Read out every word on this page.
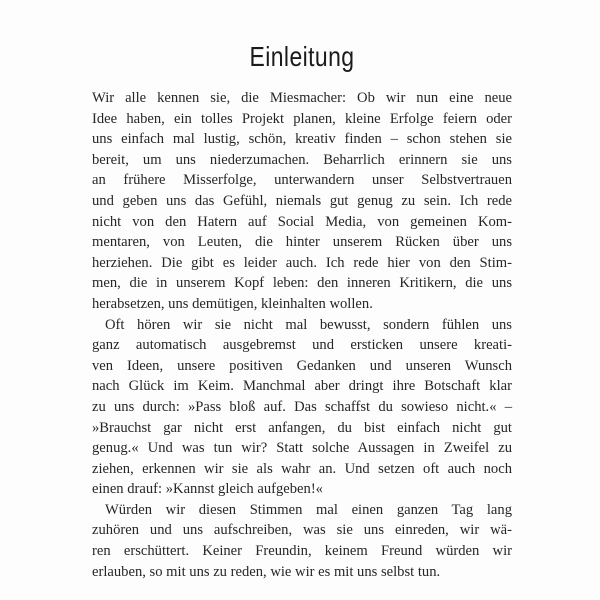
Einleitung
Wir alle kennen sie, die Miesmacher: Ob wir nun eine neue
Idee haben, ein tolles Projekt planen, kleine Erfolge feiern oder
uns einfach mal lustig, schön, kreativ finden – schon stehen sie
bereit, um uns niederzumachen. Beharrlich erinnern sie uns
an frühere Misserfolge, unterwandern unser Selbstvertrauen
und geben uns das Gefühl, niemals gut genug zu sein. Ich rede
nicht von den Hatern auf Social Media, von gemeinen Kom-
mentaren, von Leuten, die hinter unserem Rücken über uns
herziehen. Die gibt es leider auch. Ich rede hier von den Stim-
men, die in unserem Kopf leben: den inneren Kritikern, die uns
herabsetzen, uns demütigen, kleinhalten wollen.
Oft hören wir sie nicht mal bewusst, sondern fühlen uns
ganz automatisch ausgebremst und ersticken unsere kreati-
ven Ideen, unsere positiven Gedanken und unseren Wunsch
nach Glück im Keim. Manchmal aber dringt ihre Botschaft klar
zu uns durch: »Pass bloß auf. Das schaffst du sowieso nicht.« –
»Brauchst gar nicht erst anfangen, du bist einfach nicht gut
genug.« Und was tun wir? Statt solche Aussagen in Zweifel zu
ziehen, erkennen wir sie als wahr an. Und setzen oft auch noch
einen drauf: »Kannst gleich aufgeben!«
Würden wir diesen Stimmen mal einen ganzen Tag lang
zuhören und uns aufschreiben, was sie uns einreden, wir wä-
ren erschüttert. Keiner Freundin, keinem Freund würden wir
erlauben, so mit uns zu reden, wie wir es mit uns selbst tun.
